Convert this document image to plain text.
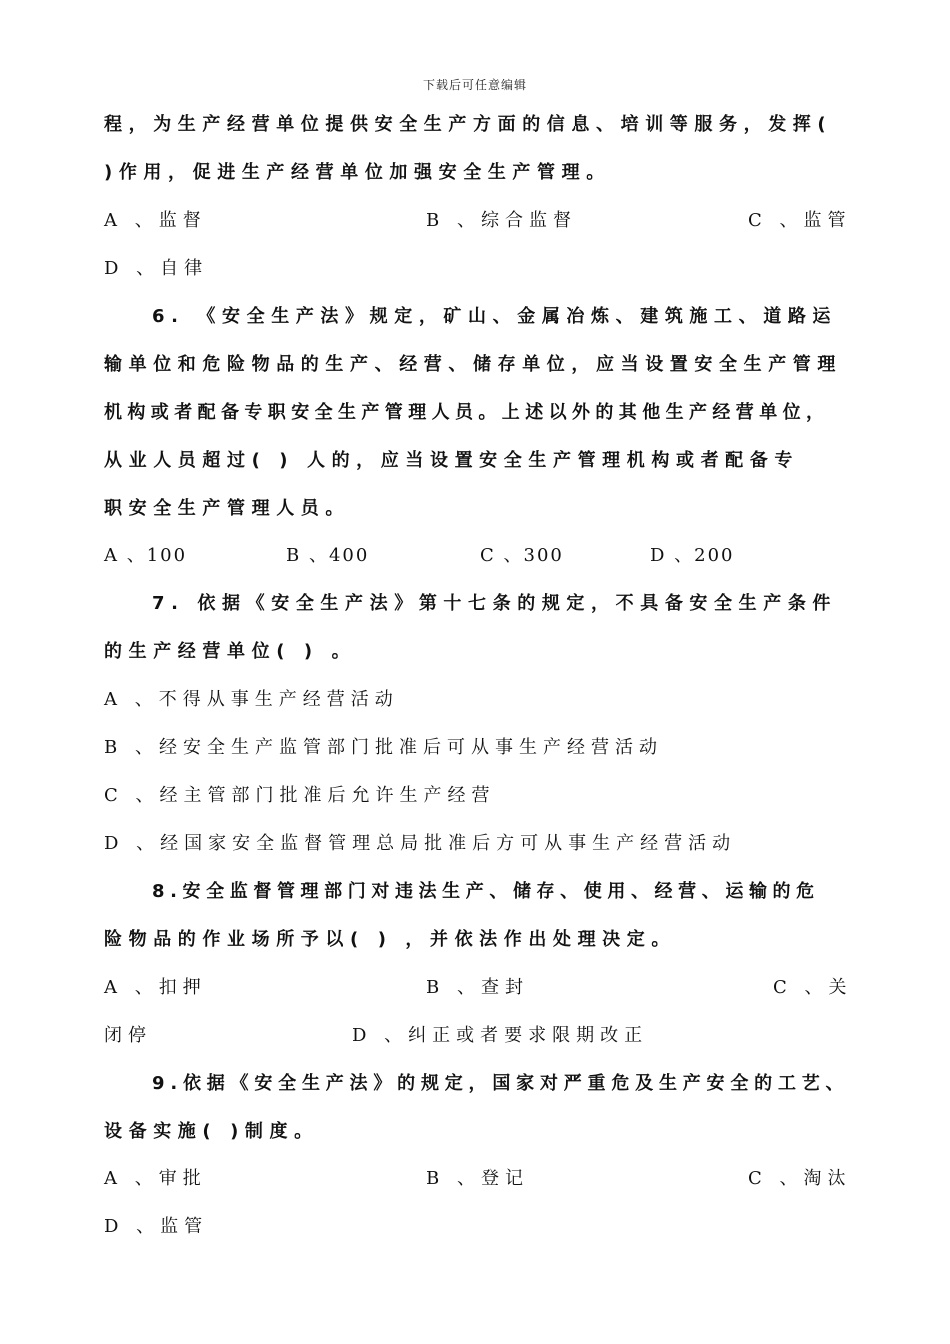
下载后可任意编辑
程，为生产经营单位提供安全生产方面的信息、培训等服务，发挥(
)作用，促进生产经营单位加强安全生产管理。
A 、监督	B 、综合监督	C 、监管
D 、自律
6. 《安全生产法》规定，矿山、金属冶炼、建筑施工、道路运
输单位和危险物品的生产、经营、储存单位，应当设置安全生产管理
机构或者配备专职安全生产管理人员。上述以外的其他生产经营单位，
从业人员超过( ) 人的，应当设置安全生产管理机构或者配备专
职安全生产管理人员。
A 、100	B 、400	C 、300	D 、200
7. 依据《安全生产法》第十七条的规定，不具备安全生产条件
的生产经营单位( ) 。
A 、不得从事生产经营活动
B 、经安全生产监管部门批准后可从事生产经营活动
C 、经主管部门批准后允许生产经营
D 、经国家安全监督管理总局批准后方可从事生产经营活动
8.安全监督管理部门对违法生产、储存、使用、经营、运输的危
险物品的作业场所予以( ) ，并依法作出处理决定。
A 、扣押	B 、查封	C 、关
闭停	D 、纠正或者要求限期改正
9.依据《安全生产法》的规定，国家对严重危及生产安全的工艺、
设备实施( )制度。
A 、审批	B 、登记	C 、淘汰
D 、监管
